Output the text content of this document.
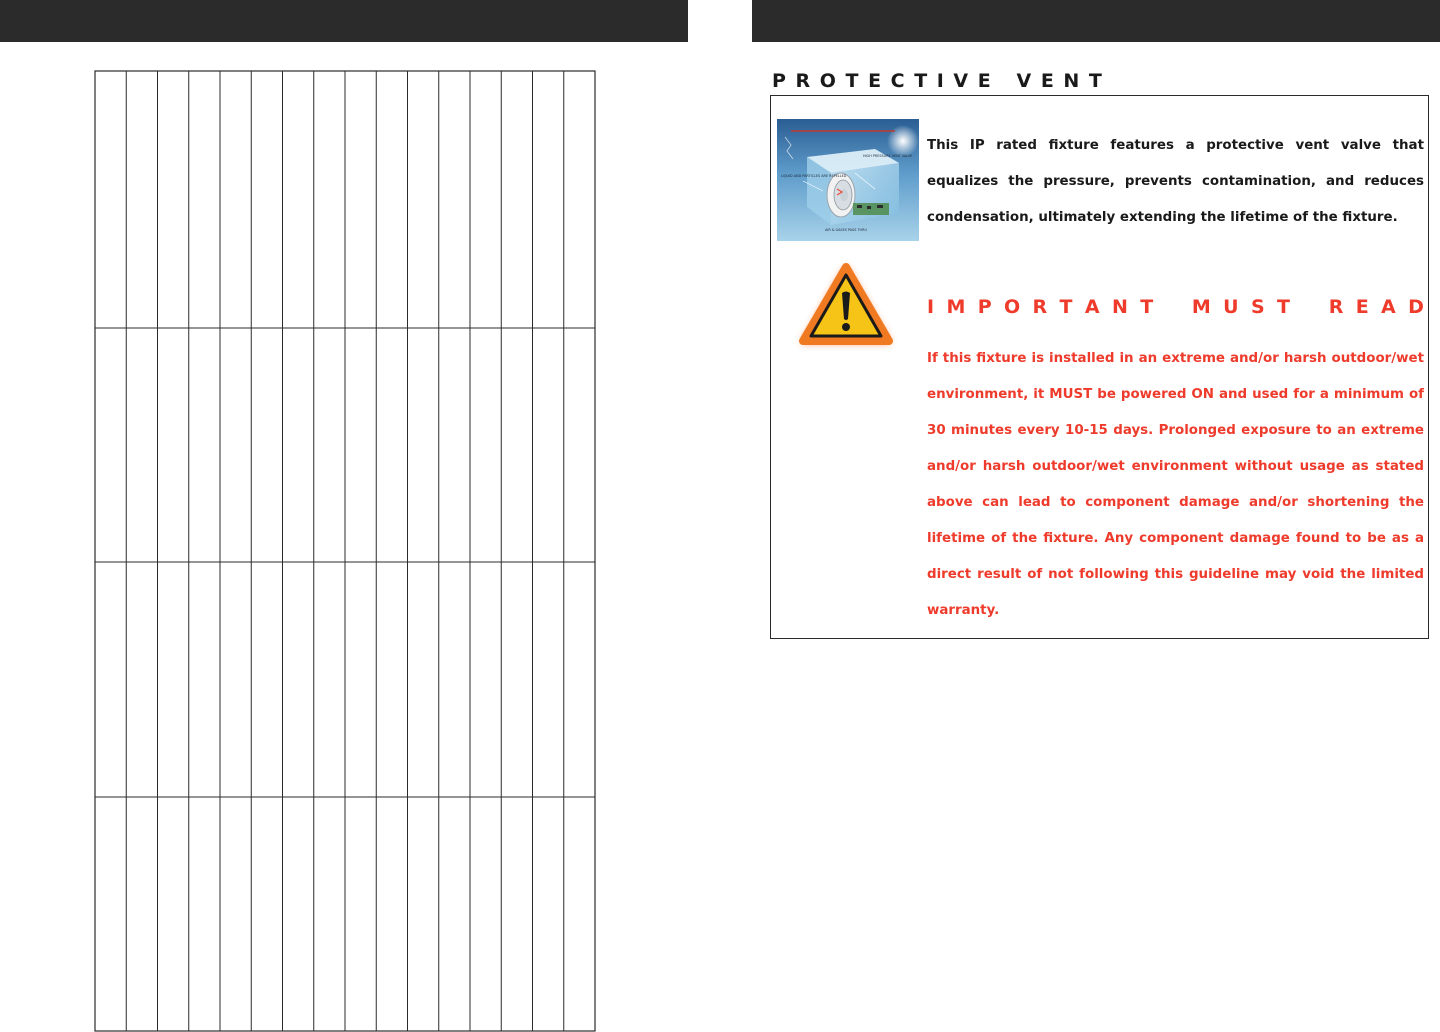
PROTECTIVE VENT
HIGH PRESSURE VENT VALVE
LIQUID AND PARTICLES ARE REPELLED
AIR & GASES PASS THRU

This IP rated fixture features a protective vent valve that equalizes the pressure, prevents contamination, and reduces condensation, ultimately extending the lifetime of the fixture.

I M P O R T A N T M U S T R E A D

If this fixture is installed in an extreme and/or harsh outdoor/wet environment, it MUST be powered ON and used for a minimum of 30 minutes every 10-15 days. Prolonged exposure to an extreme and/or harsh outdoor/wet environment without usage as stated above can lead to component damage and/or shortening the lifetime of the fixture. Any component damage found to be as a direct result of not following this guideline may void the limited warranty.
